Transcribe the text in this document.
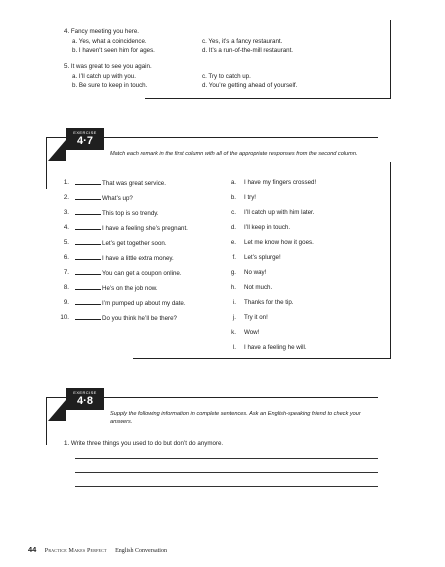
4. Fancy meeting you here.
a. Yes, what a coincidence.
b. I haven’t seen him for ages.
c. Yes, it’s a fancy restaurant.
d. It’s a run-of-the-mill restaurant.
5. It was great to see you again.
a. I’ll catch up with you.
b. Be sure to keep in touch.
c. Try to catch up.
d. You’re getting ahead of yourself.
EXERCISE
4·7
Match each remark in the first column with all of the appropriate responses from the second column.
1.	That was great service.
2.	What’s up?
3.	This top is so trendy.
4.	I have a feeling she’s pregnant.
5.	Let’s get together soon.
6.	I have a little extra money.
7.	You can get a coupon online.
8.	He’s on the job now.
9.	I’m pumped up about my date.
10.	Do you think he’ll be there?
a. I have my fingers crossed!
b. I try!
c. I’ll catch up with him later.
d. I’ll keep in touch.
e. Let me know how it goes.
f. Let’s splurge!
g. No way!
h. Not much.
i. Thanks for the tip.
j. Try it on!
k. Wow!
l. I have a feeling he will.
EXERCISE
4·8
Supply the following information in complete sentences. Ask an English-speaking friend to check your answers.
1. Write three things you used to do but don’t do anymore.
44 Practice Makes Perfect English Conversation
